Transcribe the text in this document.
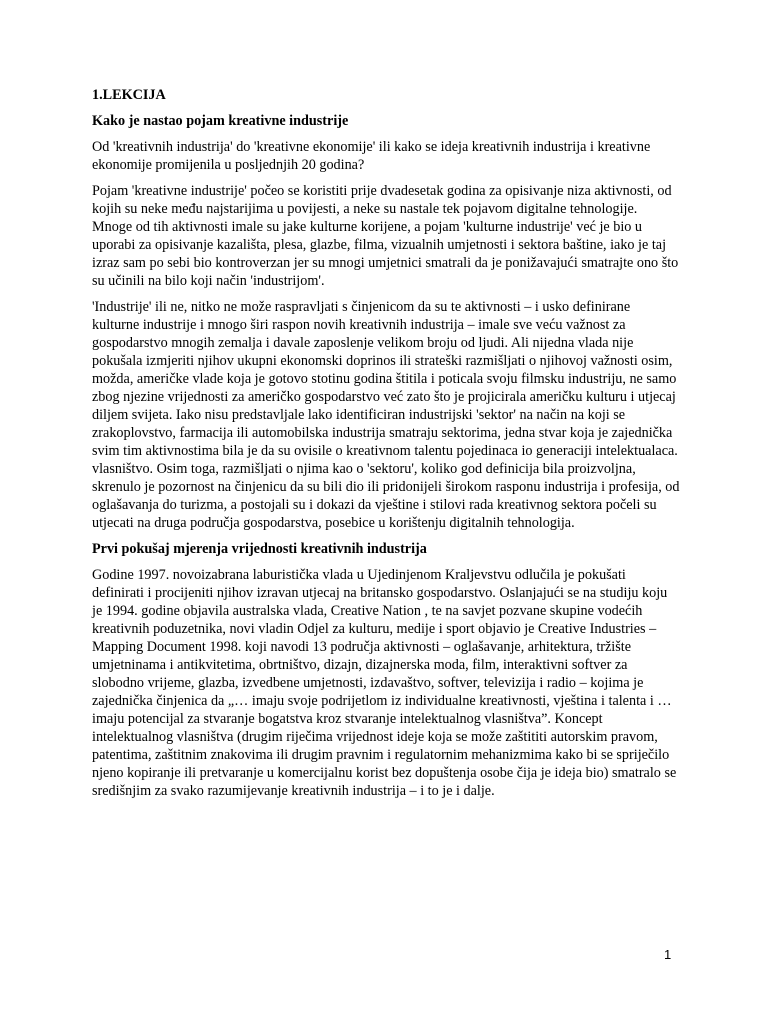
1.LEKCIJA
Kako je nastao pojam kreativne industrije

Od 'kreativnih industrija' do 'kreativne ekonomije' ili kako se ideja kreativnih industrija i kreativne ekonomije promijenila u posljednjih 20 godina?

Pojam 'kreativne industrije' počeo se koristiti prije dvadesetak godina za opisivanje niza aktivnosti, od kojih su neke među najstarijima u povijesti, a neke su nastale tek pojavom digitalne tehnologije. Mnoge od tih aktivnosti imale su jake kulturne korijene, a pojam 'kulturne industrije' već je bio u uporabi za opisivanje kazališta, plesa, glazbe, filma, vizualnih umjetnosti i sektora baštine, iako je taj izraz sam po sebi bio kontroverzan jer su mnogi umjetnici smatrali da je ponižavajući smatrajte ono što su učinili na bilo koji način 'industrijom'.

'Industrije' ili ne, nitko ne može raspravljati s činjenicom da su te aktivnosti – i usko definirane kulturne industrije i mnogo širi raspon novih kreativnih industrija – imale sve veću važnost za gospodarstvo mnogih zemalja i davale zaposlenje velikom broju od ljudi. Ali nijedna vlada nije pokušala izmjeriti njihov ukupni ekonomski doprinos ili strateški razmišljati o njihovoj važnosti osim, možda, američke vlade koja je gotovo stotinu godina štitila i poticala svoju filmsku industriju, ne samo zbog njezine vrijednosti za američko gospodarstvo već zato što je projicirala američku kulturu i utjecaj diljem svijeta. Iako nisu predstavljale lako identificiran industrijski 'sektor' na način na koji se zrakoplovstvo, farmacija ili automobilska industrija smatraju sektorima, jedna stvar koja je zajednička svim tim aktivnostima bila je da su ovisile o kreativnom talentu pojedinaca io generaciji intelektualaca. vlasništvo. Osim toga, razmišljati o njima kao o 'sektoru', koliko god definicija bila proizvoljna, skrenulo je pozornost na činjenicu da su bili dio ili pridonijeli širokom rasponu industrija i profesija, od oglašavanja do turizma, a postojali su i dokazi da vještine i stilovi rada kreativnog sektora počeli su utjecati na druga područja gospodarstva, posebice u korištenju digitalnih tehnologija.

Prvi pokušaj mjerenja vrijednosti kreativnih industrija

Godine 1997. novoizabrana laburistička vlada u Ujedinjenom Kraljevstvu odlučila je pokušati definirati i procijeniti njihov izravan utjecaj na britansko gospodarstvo. Oslanjajući se na studiju koju je 1994. godine objavila australska vlada, Creative Nation , te na savjet pozvane skupine vodećih kreativnih poduzetnika, novi vladin Odjel za kulturu, medije i sport objavio je Creative Industries – Mapping Document 1998. koji navodi 13 područja aktivnosti – oglašavanje, arhitektura, tržište umjetninama i antikvitetima, obrtništvo, dizajn, dizajnerska moda, film, interaktivni softver za slobodno vrijeme, glazba, izvedbene umjetnosti, izdavaštvo, softver, televizija i radio – kojima je zajednička činjenica da „… imaju svoje podrijetlom iz individualne kreativnosti, vještina i talenta i … imaju potencijal za stvaranje bogatstva kroz stvaranje intelektualnog vlasništva”. Koncept intelektualnog vlasništva (drugim riječima vrijednost ideje koja se može zaštititi autorskim pravom, patentima, zaštitnim znakovima ili drugim pravnim i regulatornim mehanizmima kako bi se spriječilo njeno kopiranje ili pretvaranje u komercijalnu korist bez dopuštenja osobe čija je ideja bio) smatralo se središnjim za svako razumijevanje kreativnih industrija – i to je i dalje.

1
